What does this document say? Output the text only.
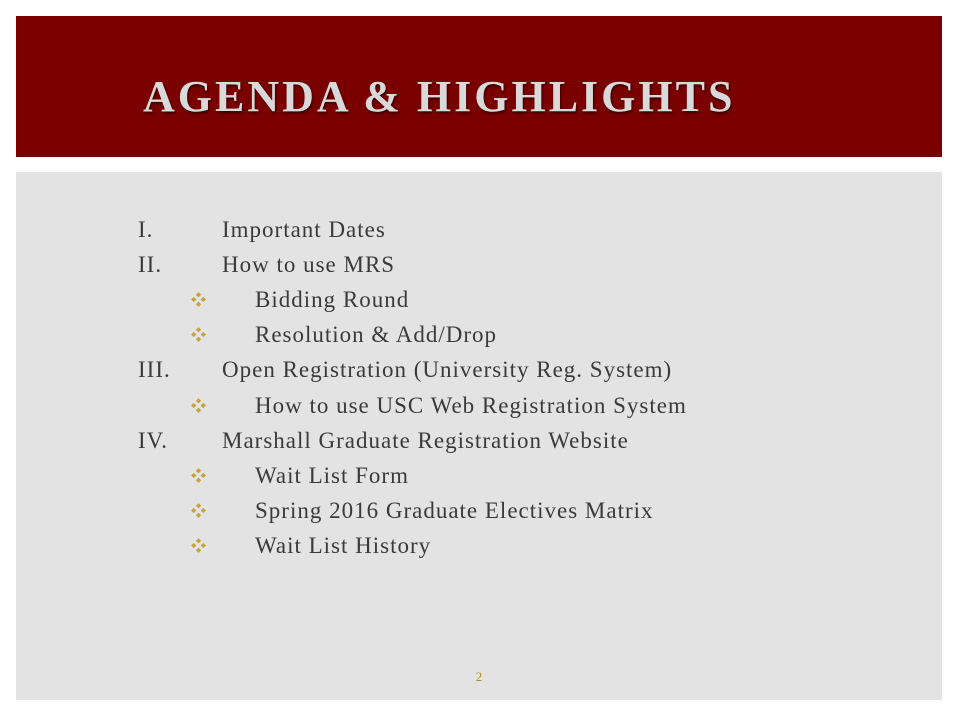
AGENDA & HIGHLIGHTS
I.	Important Dates
II.	How to use MRS
Bidding Round
Resolution & Add/Drop
III. Open Registration (University Reg. System)
How to use USC Web Registration System
IV. Marshall Graduate Registration Website
Wait List Form
Spring 2016 Graduate Electives Matrix
Wait List History
2
